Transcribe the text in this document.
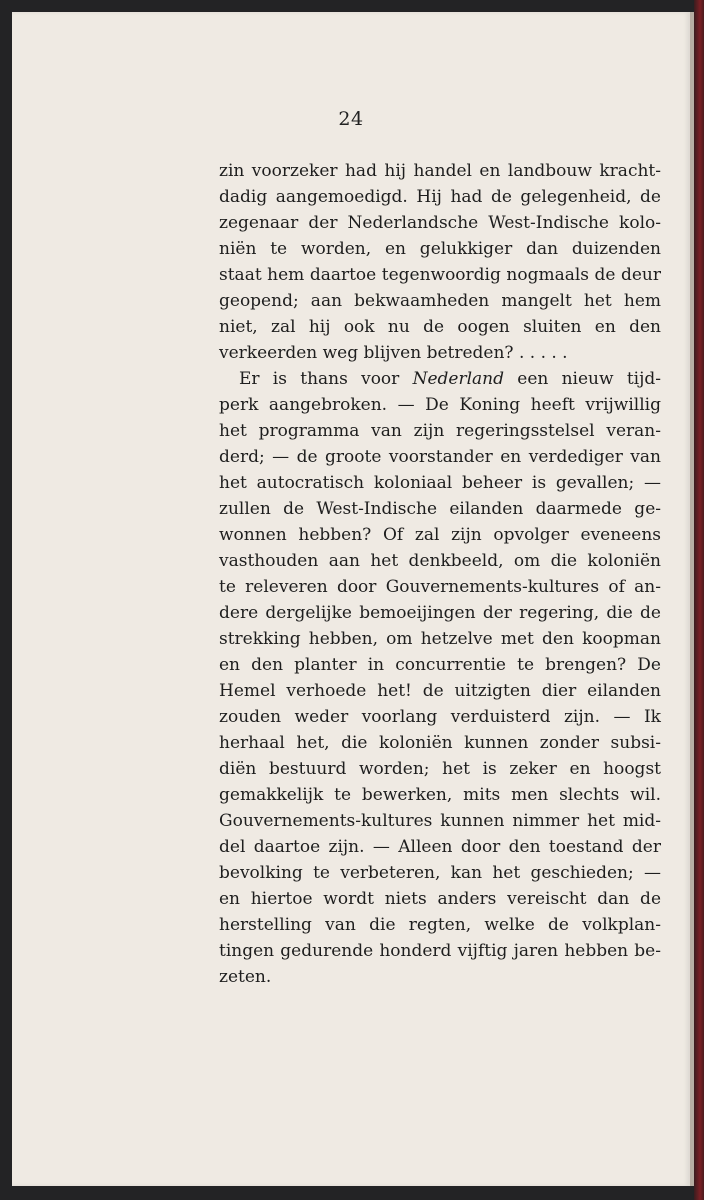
24
zin voorzeker had hij handel en landbouw kracht-
dadig aangemoedigd. Hij had de gelegenheid, de
zegenaar der Nederlandsche West-Indische kolo-
niën te worden, en gelukkiger dan duizenden
staat hem daartoe tegenwoordig nogmaals de deur
geopend; aan bekwaamheden mangelt het hem
niet, zal hij ook nu de oogen sluiten en den
verkeerden weg blijven betreden? . . . . .
Er is thans voor Nederland een nieuw tijd-
perk aangebroken. — De Koning heeft vrijwillig
het programma van zijn regeringsstelsel veran-
derd; — de groote voorstander en verdediger van
het autocratisch koloniaal beheer is gevallen; —
zullen de West-Indische eilanden daarmede ge-
wonnen hebben? Of zal zijn opvolger eveneens
vasthouden aan het denkbeeld, om die koloniën
te releveren door Gouvernements-kultures of an-
dere dergelijke bemoeijingen der regering, die de
strekking hebben, om hetzelve met den koopman
en den planter in concurrentie te brengen? De
Hemel verhoede het! de uitzigten dier eilanden
zouden weder voorlang verduisterd zijn. — Ik
herhaal het, die koloniën kunnen zonder subsi-
diën bestuurd worden; het is zeker en hoogst
gemakkelijk te bewerken, mits men slechts wil.
Gouvernements-kultures kunnen nimmer het mid-
del daartoe zijn. — Alleen door den toestand der
bevolking te verbeteren, kan het geschieden; —
en hiertoe wordt niets anders vereischt dan de
herstelling van die regten, welke de volkplan-
tingen gedurende honderd vijftig jaren hebben be-
zeten.
